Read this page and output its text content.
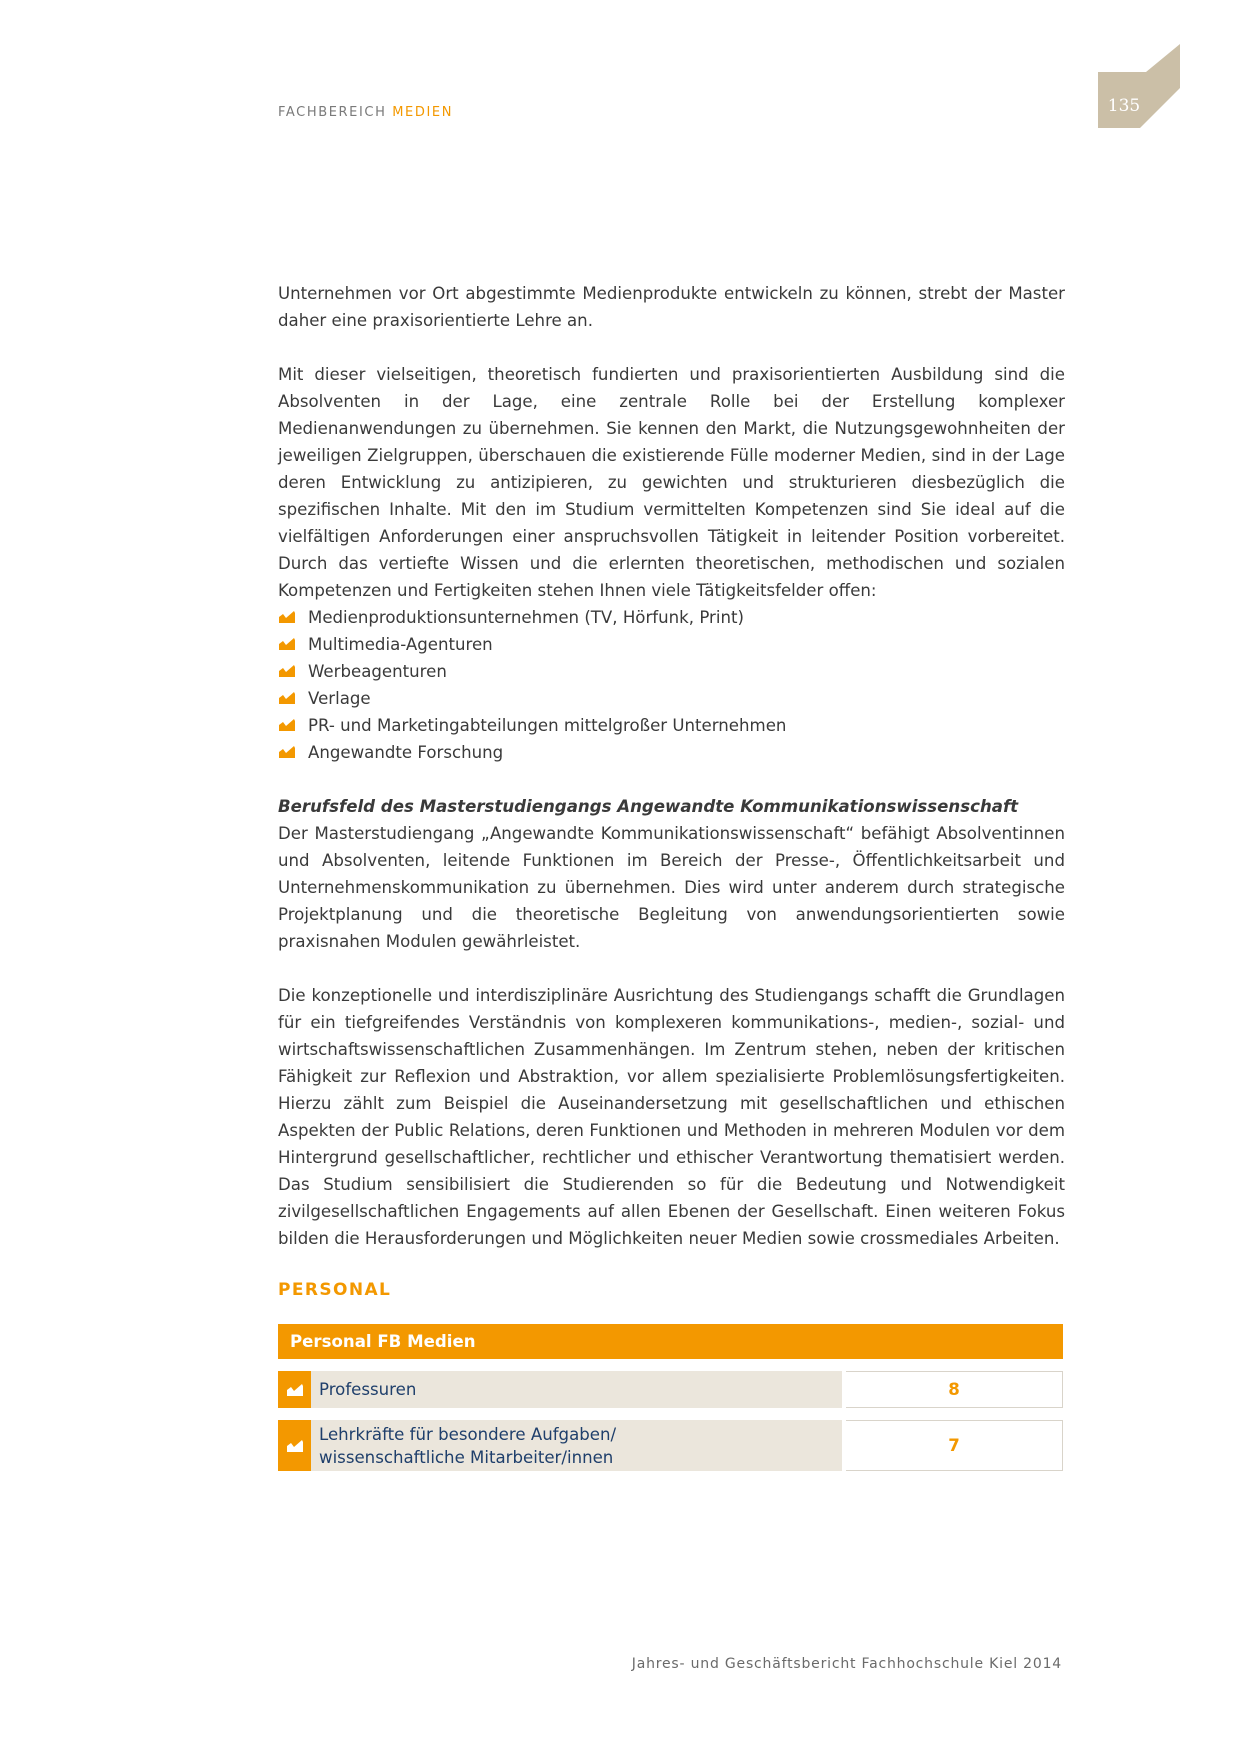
FACHBEREICH MEDIEN	135

Unternehmen vor Ort abgestimmte Medienprodukte entwickeln zu können, strebt der Master daher eine praxisorientierte Lehre an.

Mit dieser vielseitigen, theoretisch fundierten und praxisorientierten Ausbildung sind die Absolventen in der Lage, eine zentrale Rolle bei der Erstellung komplexer Medienanwendungen zu übernehmen. Sie kennen den Markt, die Nutzungsgewohnheiten der jeweiligen Zielgruppen, überschauen die existierende Fülle moderner Medien, sind in der Lage deren Entwicklung zu antizipieren, zu gewichten und strukturieren diesbezüglich die spezifischen Inhalte. Mit den im Studium vermittelten Kompetenzen sind Sie ideal auf die vielfältigen Anforderungen einer anspruchsvollen Tätigkeit in leitender Position vorbereitet. Durch das vertiefte Wissen und die erlernten theoretischen, methodischen und sozialen Kompetenzen und Fertigkeiten stehen Ihnen viele Tätigkeitsfelder offen:

Medienproduktionsunternehmen (TV, Hörfunk, Print)
Multimedia-Agenturen
Werbeagenturen
Verlage
PR- und Marketingabteilungen mittelgroßer Unternehmen
Angewandte Forschung
Berufsfeld des Masterstudiengangs Angewandte Kommunikationswissenschaft

Der Masterstudiengang „Angewandte Kommunikationswissenschaft“ befähigt Absolventinnen und Absolventen, leitende Funktionen im Bereich der Presse-, Öffentlichkeitsarbeit und Unternehmenskommunikation zu übernehmen. Dies wird unter anderem durch strategische Projektplanung und die theoretische Begleitung von anwendungsorientierten sowie praxisnahen Modulen gewährleistet.

Die konzeptionelle und interdisziplinäre Ausrichtung des Studiengangs schafft die Grundlagen für ein tiefgreifendes Verständnis von komplexeren kommunikations-, medien-, sozial- und wirtschaftswissenschaftlichen Zusammenhängen. Im Zentrum stehen, neben der kritischen Fähigkeit zur Reflexion und Abstraktion, vor allem spezialisierte Problemlösungsfertigkeiten. Hierzu zählt zum Beispiel die Auseinandersetzung mit gesellschaftlichen und ethischen Aspekten der Public Relations, deren Funktionen und Methoden in mehreren Modulen vor dem Hintergrund gesellschaftlicher, rechtlicher und ethischer Verantwortung thematisiert werden. Das Studium sensibilisiert die Studierenden so für die Bedeutung und Notwendigkeit zivilgesellschaftlichen Engagements auf allen Ebenen der Gesellschaft. Einen weiteren Fokus bilden die Herausforderungen und Möglichkeiten neuer Medien sowie crossmediales Arbeiten.

PERSONAL
Personal FB Medien
Professuren	8
Lehrkräfte für besondere Aufgaben/
wissenschaftliche Mitarbeiter/innen
7
Jahres- und Geschäftsbericht Fachhochschule Kiel 2014
